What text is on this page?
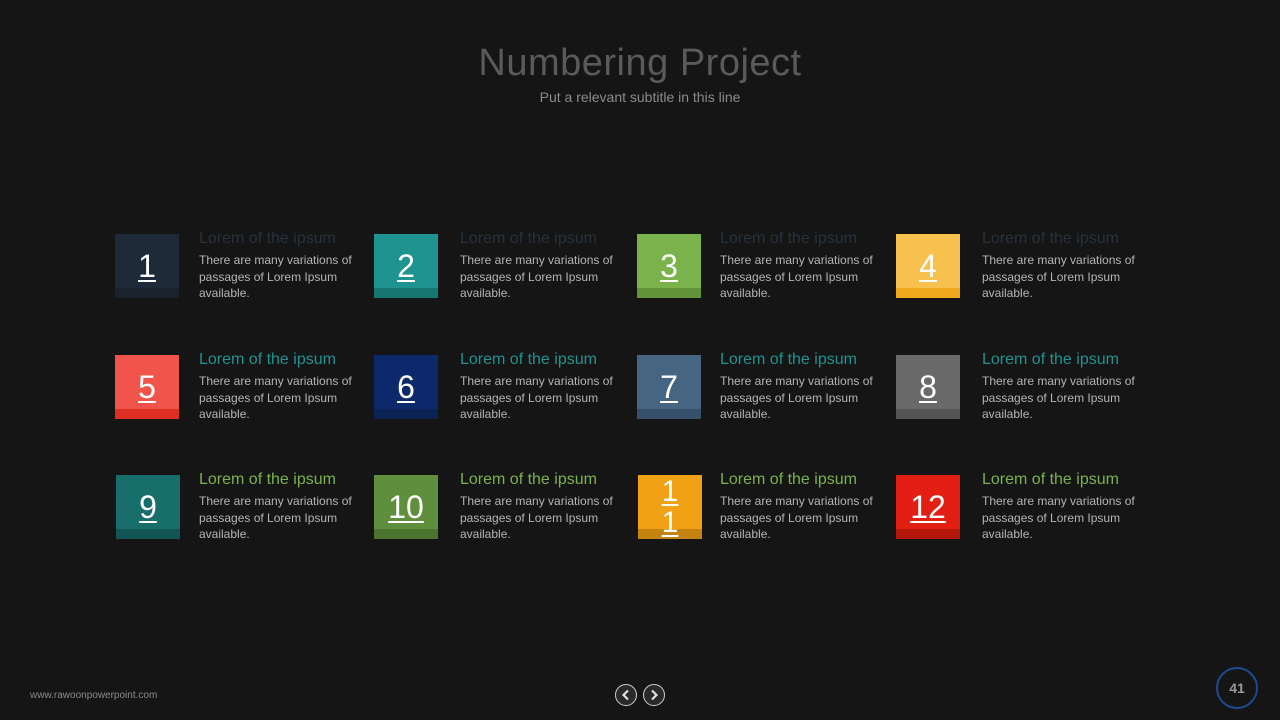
Numbering Project
Put a relevant subtitle in this line
1
Lorem of the ipsum
There are many variations of passages of Lorem Ipsum available.
2
Lorem of the ipsum
There are many variations of passages of Lorem Ipsum available.
3
Lorem of the ipsum
There are many variations of passages of Lorem Ipsum available.
4
Lorem of the ipsum
There are many variations of passages of Lorem Ipsum available.
5
Lorem of the ipsum
There are many variations of passages of Lorem Ipsum available.
6
Lorem of the ipsum
There are many variations of passages of Lorem Ipsum available.
7
Lorem of the ipsum
There are many variations of passages of Lorem Ipsum available.
8
Lorem of the ipsum
There are many variations of passages of Lorem Ipsum available.
9
Lorem of the ipsum
There are many variations of passages of Lorem Ipsum available.
10
Lorem of the ipsum
There are many variations of passages of Lorem Ipsum available.
11
Lorem of the ipsum
There are many variations of passages of Lorem Ipsum available.
12
Lorem of the ipsum
There are many variations of passages of Lorem Ipsum available.
www.rawoonpowerpoint.com	41
